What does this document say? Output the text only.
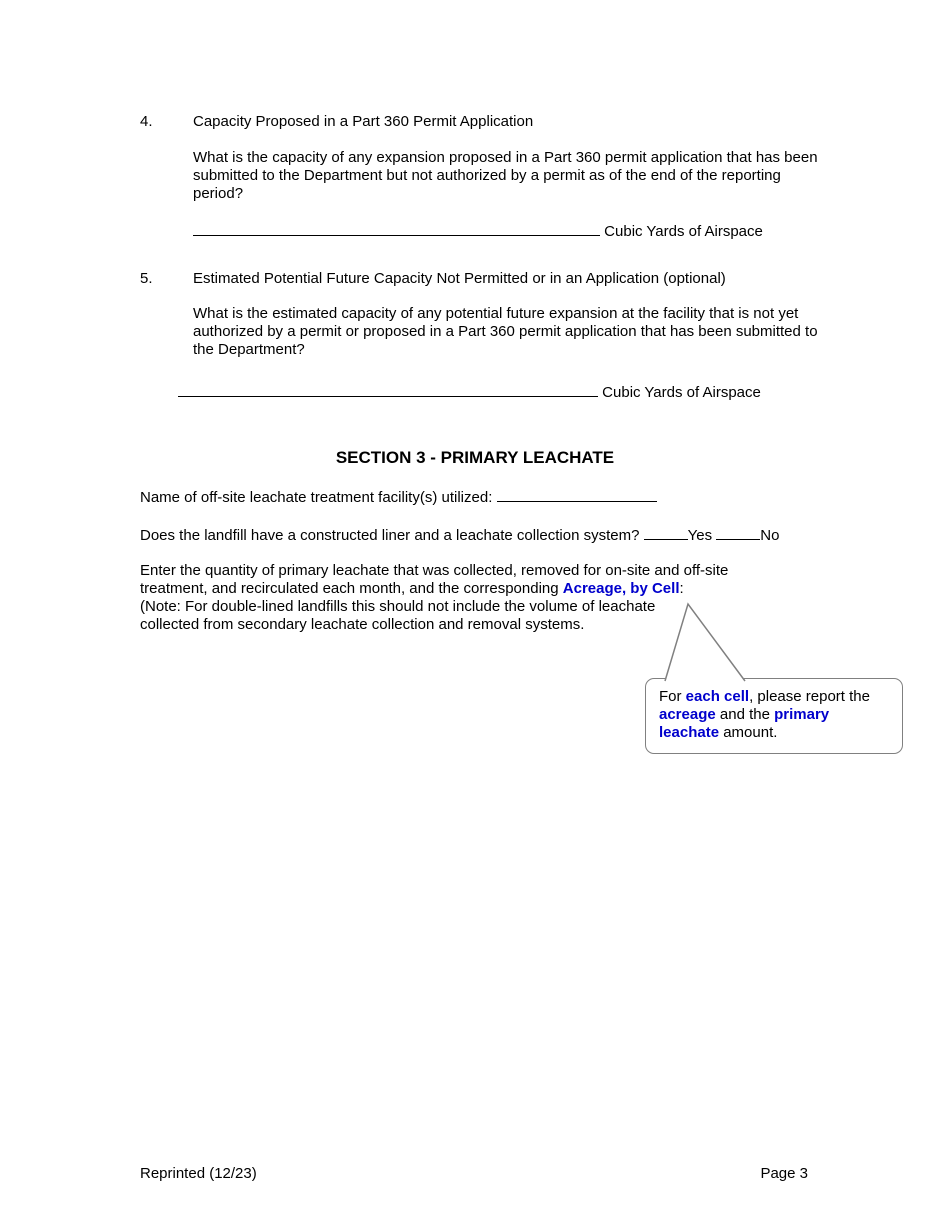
4.	Capacity Proposed in a Part 360 Permit Application

What is the capacity of any expansion proposed in a Part 360 permit application that has been submitted to the Department but not authorized by a permit as of the end of the reporting period?

Cubic Yards of Airspace
5.	Estimated Potential Future Capacity Not Permitted or in an Application (optional)

What is the estimated capacity of any potential future expansion at the facility that is not yet authorized by a permit or proposed in a Part 360 permit application that has been submitted to the Department?

Cubic Yards of Airspace
SECTION 3 - PRIMARY LEACHATE

Name of off-site leachate treatment facility(s) utilized:

Does the landfill have a constructed liner and a leachate collection system?	Yes	No

Enter the quantity of primary leachate that was collected, removed for on-site and off-site treatment, and recirculated each month, and the corresponding Acreage, by Cell:

(Note: For double-lined landfills this should not include the volume of leachate
collected from secondary leachate collection and removal systems.
For each cell, please report the acreage and the primary leachate amount.
Reprinted (12/23)	Page 3
